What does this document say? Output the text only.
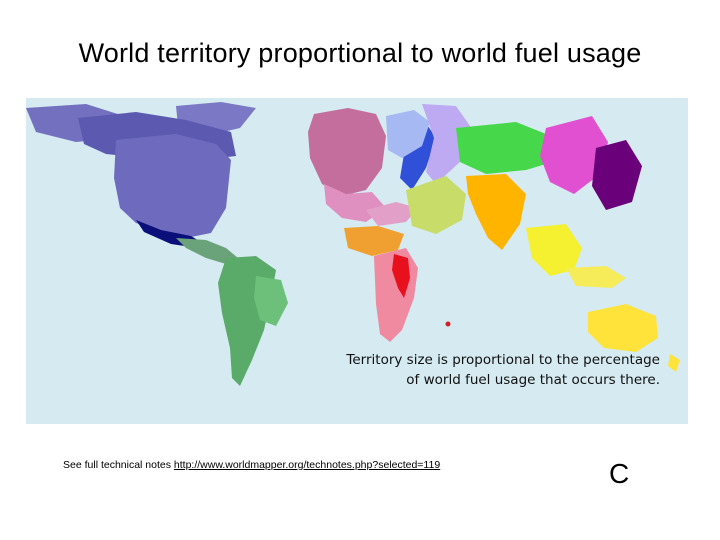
World territory proportional to world fuel usage
Territory size is proportional to the percentage
of world fuel usage that occurs there.
See full technical notes http://www.worldmapper.org/technotes.php?selected=119	C
